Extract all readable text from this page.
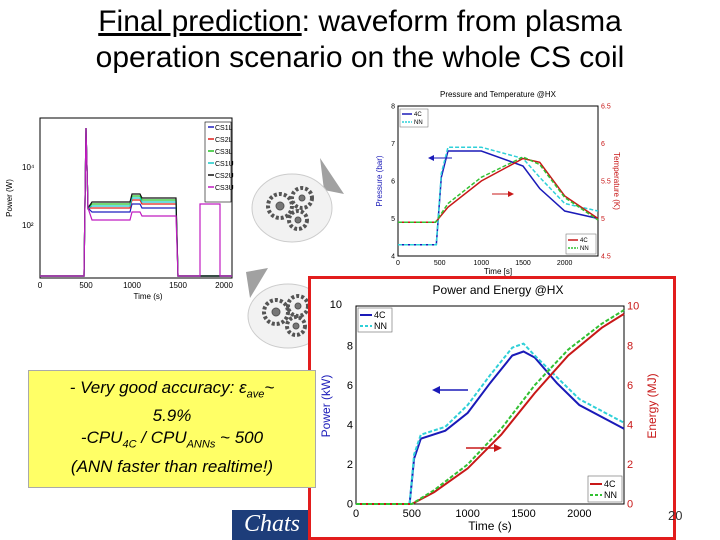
Final prediction: waveform from plasma
operation scenario on the whole CS coil
CS1L
CS2L
CS3L
CS1U
CS2U
CS3U
10⁴
10²
Power (W)
0	500	1000	1500	2000
Time (s)
Pressure and Temperature @HX
0	500	1000	1500	2000
4
5
6
7
8
4.5
5
5.5
6
6.5
Pressure (bar)	Temperature (K)
Time [s]
4C
NN
4C
NN
Power and Energy @HX
10
0	500	1000	1500	2000
0
2
4
6
8
0
2
4
6
8
10
Power (kW)	Energy (MJ)
Time (s)
4C
NN
4C
NN
- Very good accuracy: $\varepsilon_{ave}\sim$
5.9%
$-CPU_{4C} / CPU_{ANNs}$ ~ 500
(ANN faster than realtime!)
Chats	20
